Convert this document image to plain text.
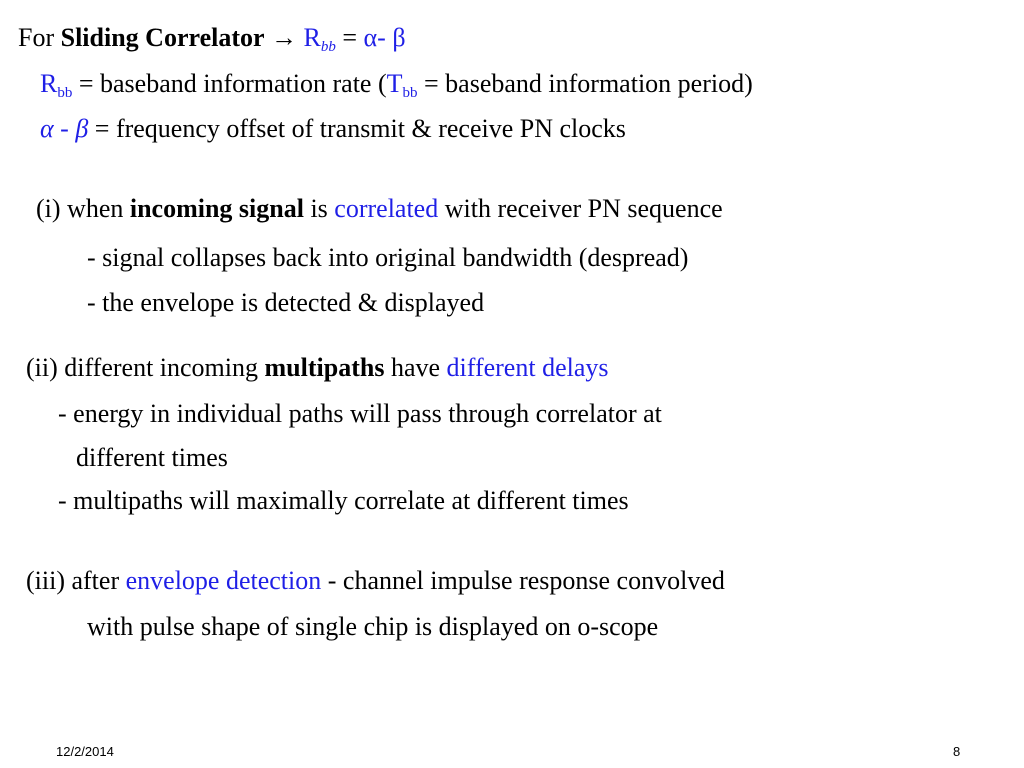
For Sliding Correlator → $R_{bb} = \alpha-$ β
$R_{bb}$ = baseband information rate ($T_{bb}$ = baseband information period)
α - β = frequency offset of transmit & receive PN clocks
(i) when incoming signal is correlated with receiver PN sequence
- signal collapses back into original bandwidth (despread)
- the envelope is detected & displayed
(ii) different incoming multipaths have different delays
- energy in individual paths will pass through correlator at
different times
- multipaths will maximally correlate at different times
(iii) after envelope detection - channel impulse response convolved
with pulse shape of single chip is displayed on o-scope
12/2/2014	8
